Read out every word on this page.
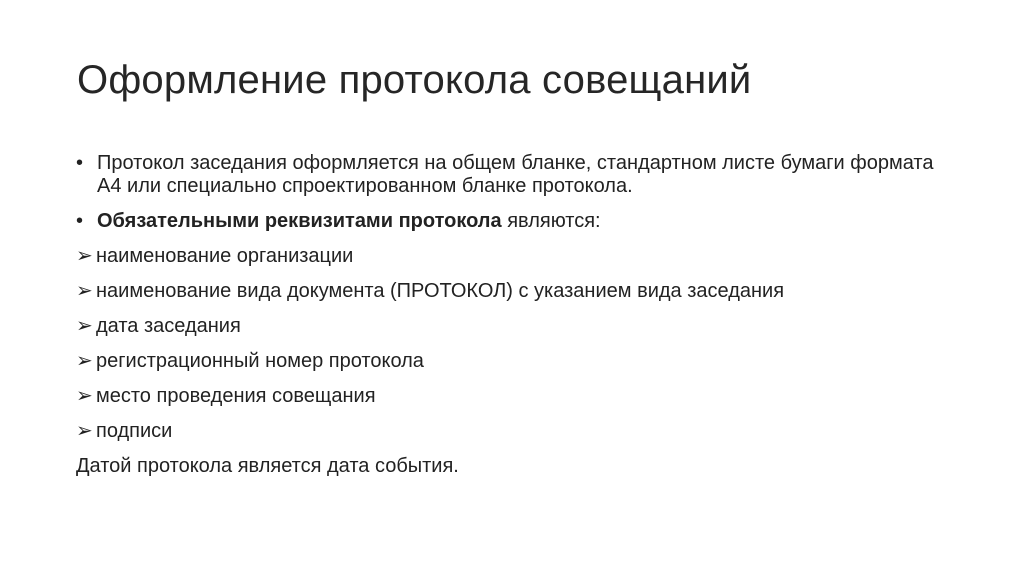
Оформление протокола совещаний
• Протокол заседания оформляется на общем бланке, стандартном листе бумаги формата А4 или специально спроектированном бланке протокола.
• Обязательными реквизитами протокола являются:
➢ наименование организации
➢ наименование вида документа (ПРОТОКОЛ) с указанием вида заседания
➢ дата заседания
➢ регистрационный номер протокола
➢ место проведения совещания
➢ подписи
Датой протокола является дата события.
